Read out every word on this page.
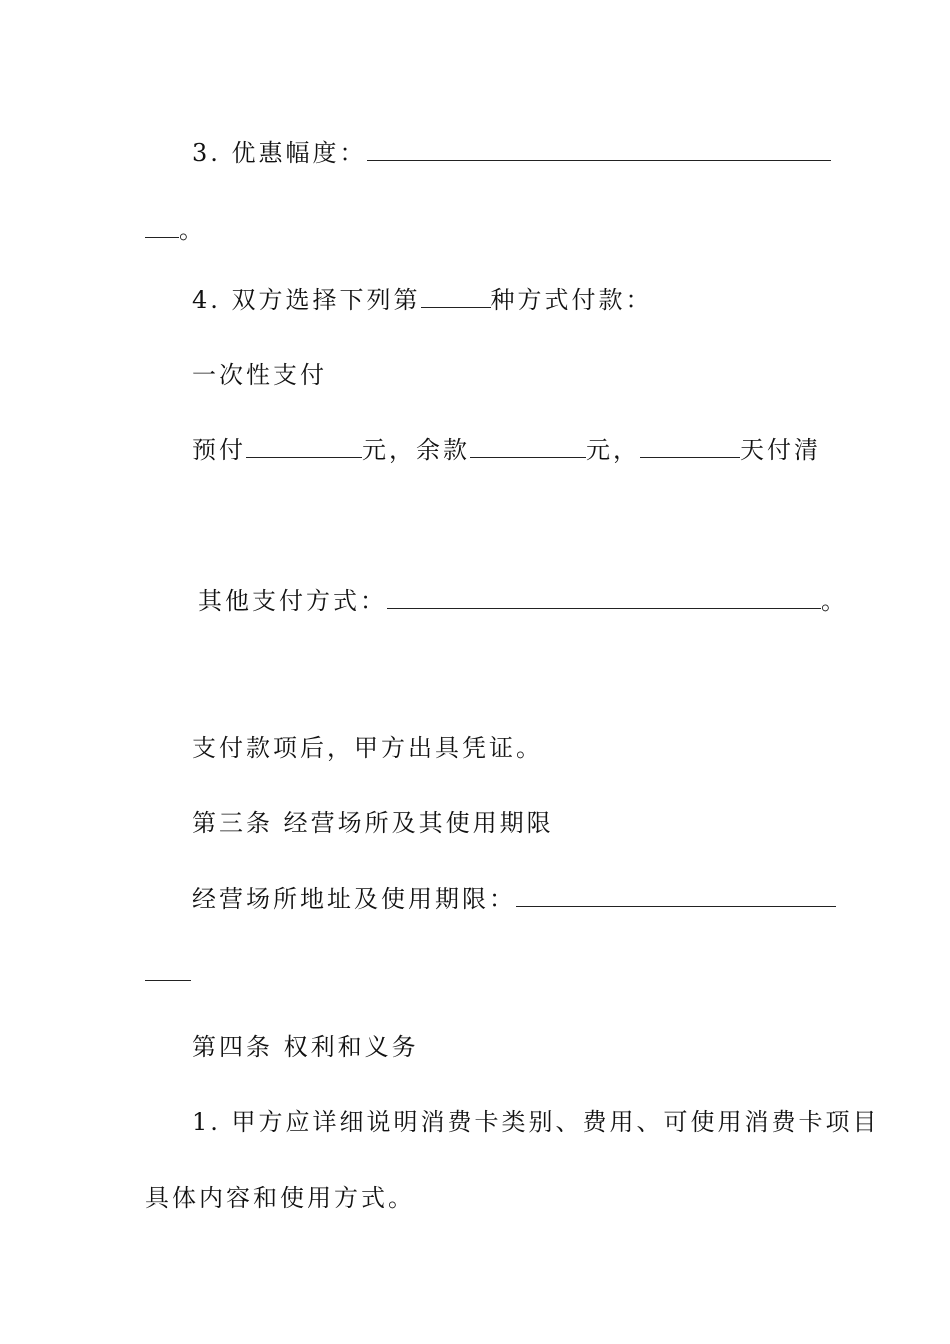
3. 优惠幅度：
。
4. 双方选择下列第	种方式付款：
一次性支付
预付	元，余款	元，	天付清
其他支付方式：	。
支付款项后，甲方出具凭证。
第三条 经营场所及其使用期限
经营场所地址及使用期限：
第四条 权利和义务
1. 甲方应详细说明消费卡类别、费用、可使用消费卡项目
具体内容和使用方式。
